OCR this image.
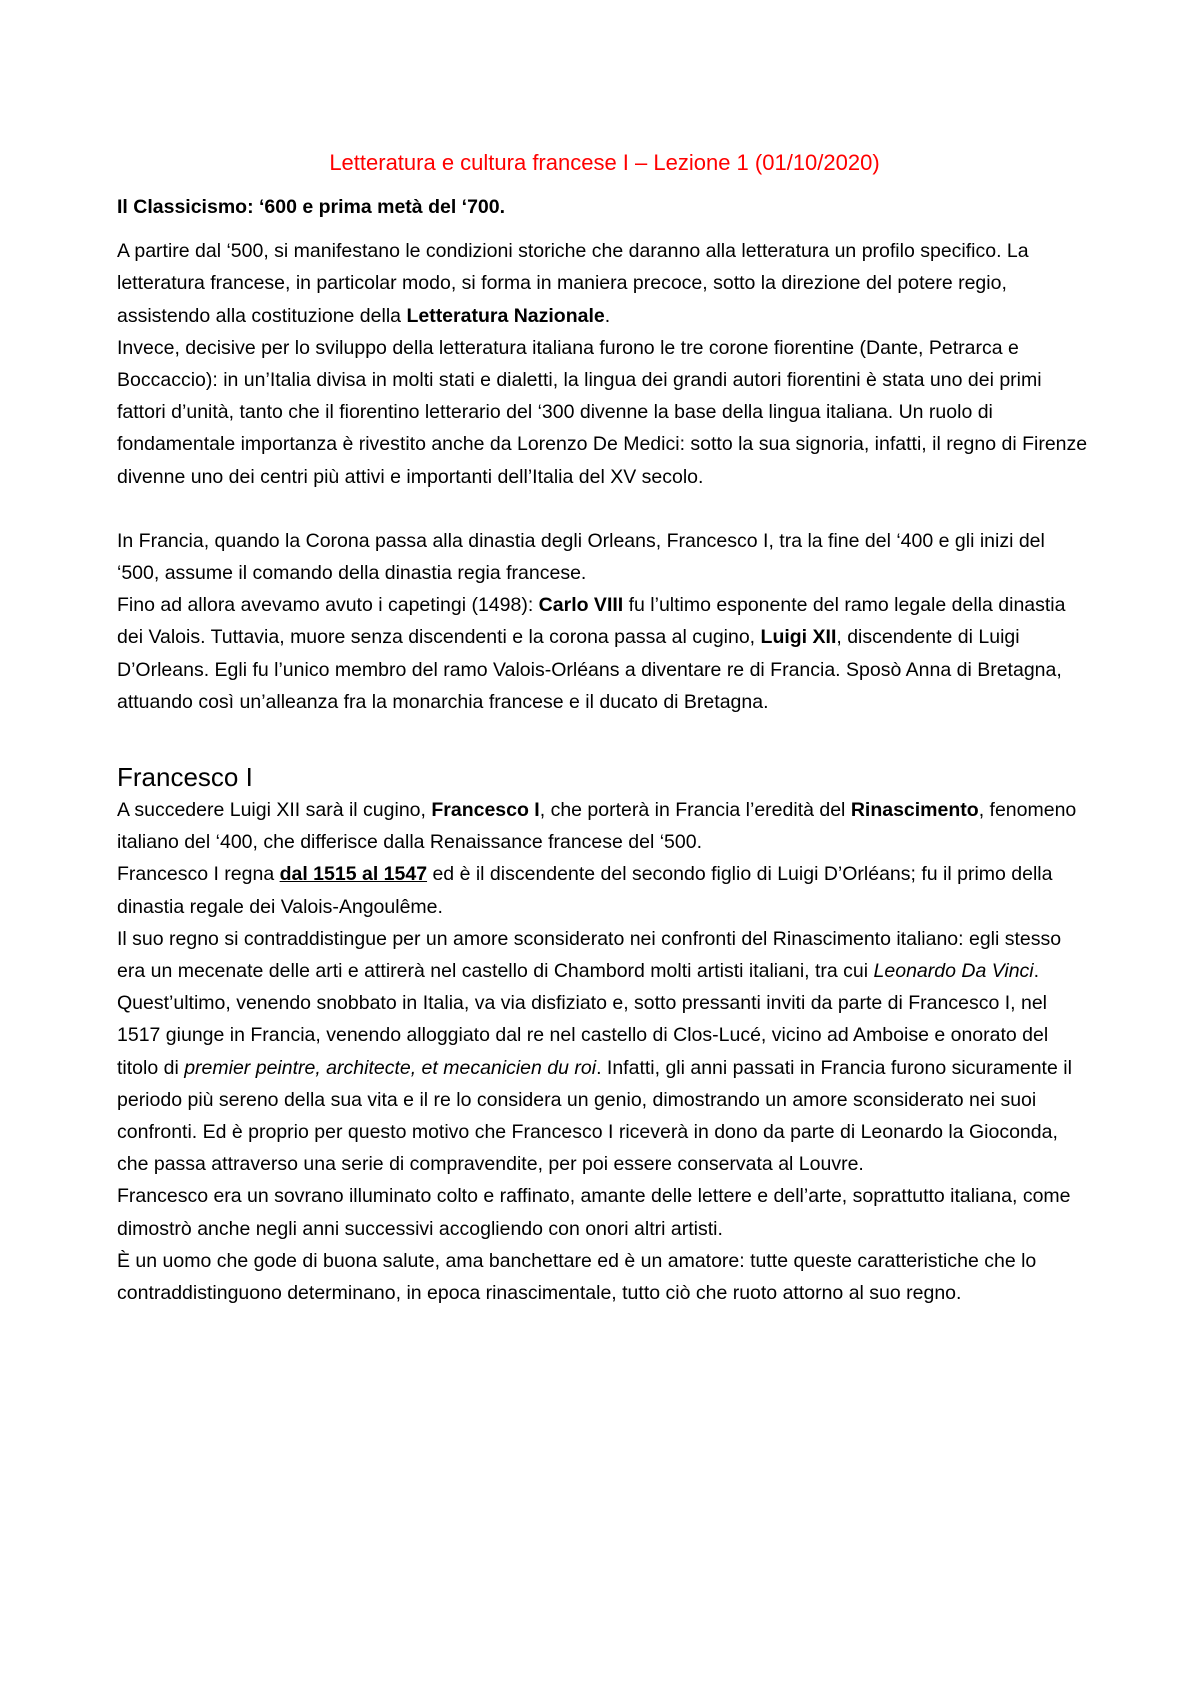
Letteratura e cultura francese I – Lezione 1 (01/10/2020)

Il Classicismo: ‘600 e prima metà del ‘700.

A partire dal ‘500, si manifestano le condizioni storiche che daranno alla letteratura un profilo specifico. La letteratura francese, in particolar modo, si forma in maniera precoce, sotto la direzione del potere regio, assistendo alla costituzione della Letteratura Nazionale.

Invece, decisive per lo sviluppo della letteratura italiana furono le tre corone fiorentine (Dante, Petrarca e Boccaccio): in un’Italia divisa in molti stati e dialetti, la lingua dei grandi autori fiorentini è stata uno dei primi fattori d’unità, tanto che il fiorentino letterario del ‘300 divenne la base della lingua italiana. Un ruolo di fondamentale importanza è rivestito anche da Lorenzo De Medici: sotto la sua signoria, infatti, il regno di Firenze divenne uno dei centri più attivi e importanti dell’Italia del XV secolo.

In Francia, quando la Corona passa alla dinastia degli Orleans, Francesco I, tra la fine del ‘400 e gli inizi del ‘500, assume il comando della dinastia regia francese.

Fino ad allora avevamo avuto i capetingi (1498): Carlo VIII fu l’ultimo esponente del ramo legale della dinastia dei Valois. Tuttavia, muore senza discendenti e la corona passa al cugino, Luigi XII, discendente di Luigi D’Orleans. Egli fu l’unico membro del ramo Valois-Orléans a diventare re di Francia. Sposò Anna di Bretagna, attuando così un’alleanza fra la monarchia francese e il ducato di Bretagna.

Francesco I

A succedere Luigi XII sarà il cugino, Francesco I, che porterà in Francia l’eredità del Rinascimento, fenomeno italiano del ‘400, che differisce dalla Renaissance francese del ‘500.

Francesco I regna dal 1515 al 1547 ed è il discendente del secondo figlio di Luigi D’Orléans; fu il primo della dinastia regale dei Valois-Angoulême.

Il suo regno si contraddistingue per un amore sconsiderato nei confronti del Rinascimento italiano: egli stesso era un mecenate delle arti e attirerà nel castello di Chambord molti artisti italiani, tra cui Leonardo Da Vinci. Quest’ultimo, venendo snobbato in Italia, va via disfiziato e, sotto pressanti inviti da parte di Francesco I, nel 1517 giunge in Francia, venendo alloggiato dal re nel castello di Clos-Lucé, vicino ad Amboise e onorato del titolo di premier peintre, architecte, et mecanicien du roi. Infatti, gli anni passati in Francia furono sicuramente il periodo più sereno della sua vita e il re lo considera un genio, dimostrando un amore sconsiderato nei suoi confronti. Ed è proprio per questo motivo che Francesco I riceverà in dono da parte di Leonardo la Gioconda, che passa attraverso una serie di compravendite, per poi essere conservata al Louvre.

Francesco era un sovrano illuminato colto e raffinato, amante delle lettere e dell’arte, soprattutto italiana, come dimostrò anche negli anni successivi accogliendo con onori altri artisti.

È un uomo che gode di buona salute, ama banchettare ed è un amatore: tutte queste caratteristiche che lo contraddistinguono determinano, in epoca rinascimentale, tutto ciò che ruoto attorno al suo regno.
